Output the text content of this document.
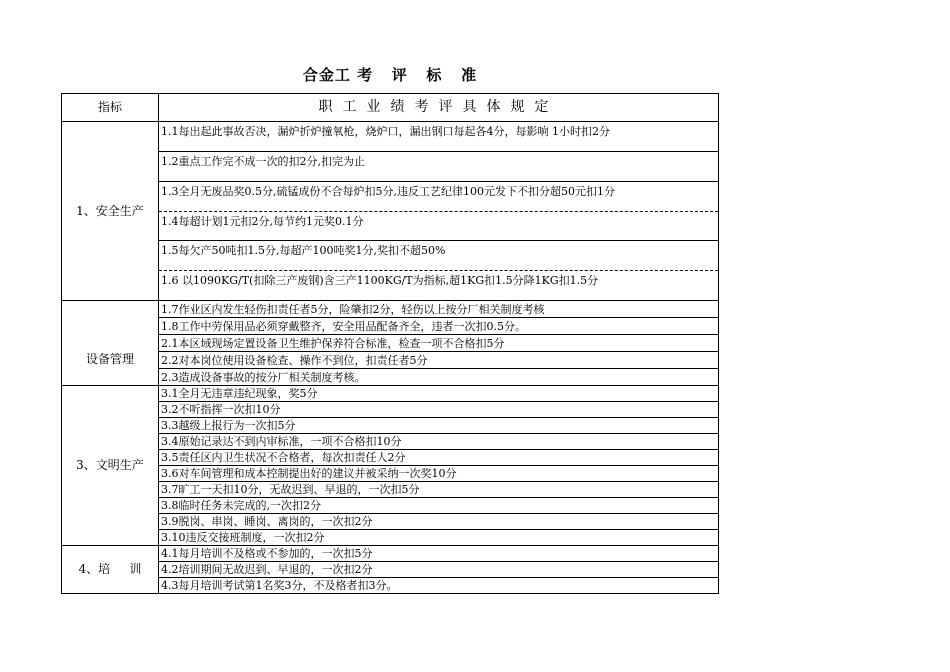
合金工 考   评   标   准
指标	职工业绩考评具体规定
1、安全生产	1.1每出起此事故否决，漏炉折炉撞氧枪，烧炉口，漏出钢口每起各4分，每影响 1小时扣2分
	1.2重点工作完不成一次的扣2分,扣完为止
	1.3全月无废品奖0.5分,硫锰成份不合每炉扣5分,违反工艺纪律100元发下不扣分超50元扣1分
	1.4每超计划1元扣2分,每节约1元奖0.1分
	1.5每欠产50吨扣1.5分,每超产100吨奖1分,奖扣不超50%
	1.6 以1090KG/T(扣除三产废钢)含三产1100KG/T为指标,超1KG扣1.5分降1KG扣1.5分
	1.7作业区内发生轻伤扣责任者5分，险肇扣2分，轻伤以上按分厂相关制度考核
	1.8工作中劳保用品必须穿戴整齐，安全用品配备齐全，违者一次扣0.5分。
设备管理	2.1本区域现场定置设备卫生维护保养符合标准，检查一项不合格扣5分
	2.2对本岗位使用设备检查、操作不到位，扣责任者5分
	2.3造成设备事故的按分厂相关制度考核。
3、文明生产	3.1全月无违章违纪现象，奖5分
	3.2不听指挥一次扣10分
	3.3越级上报行为一次扣5分
	3.4原始记录达不到内审标准，一项不合格扣10分
	3.5责任区内卫生状况不合格者，每次扣责任人2分
	3.6对车间管理和成本控制提出好的建议并被采纳一次奖10分
	3.7旷工一天扣10分，无故迟到、早退的，一次扣5分
	3.8临时任务未完成的,一次扣2分
	3.9脱岗、串岗、睡岗、离岗的，一次扣2分
	3.10违反交接班制度，一次扣2分
4、培     训	4.1每月培训不及格或不参加的，一次扣5分
	4.2培训期间无故迟到、早退的，一次扣2分
	4.3每月培训考试第1名奖3分，不及格者扣3分。
